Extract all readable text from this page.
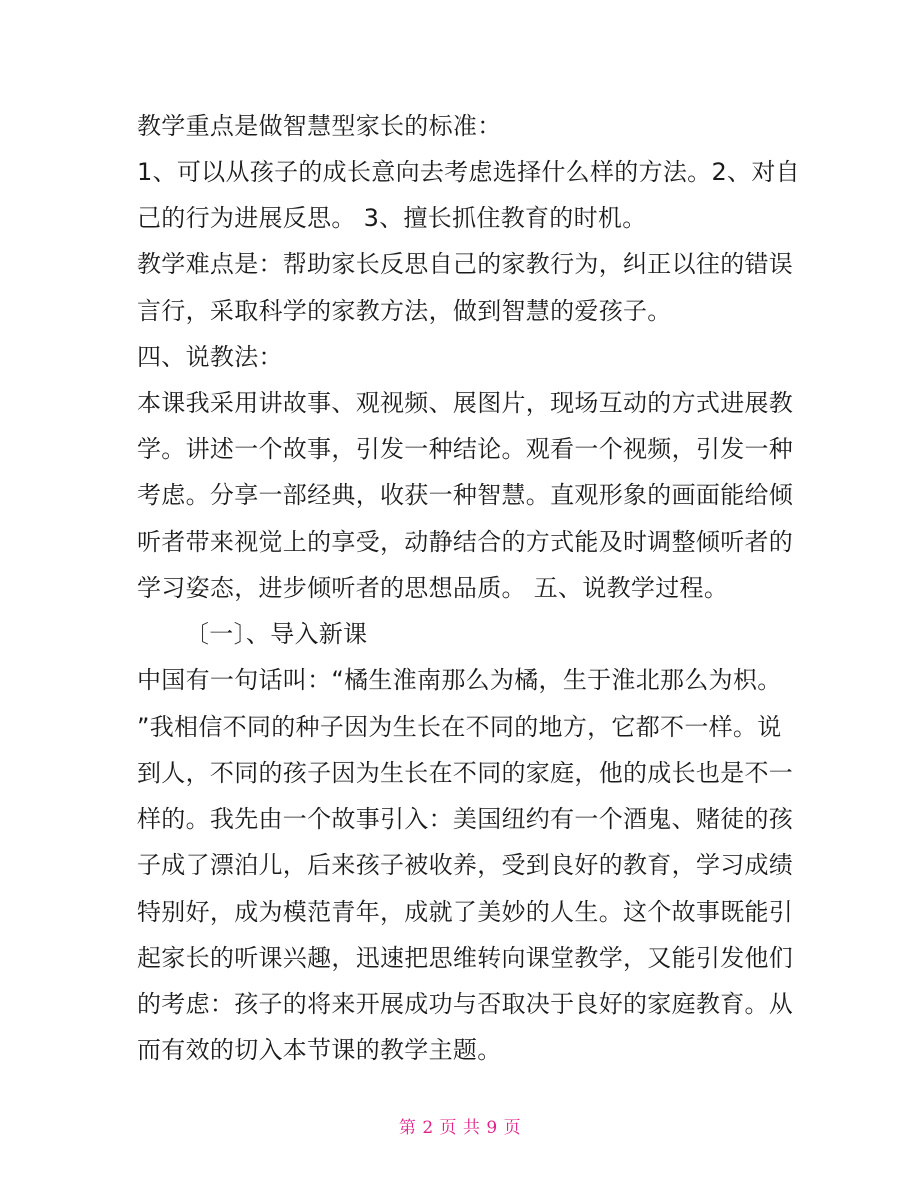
教学重点是做智慧型家长的标准：
1、可以从孩子的成长意向去考虑选择什么样的方法。2、对自
己的行为进展反思。 3、擅长抓住教育的时机。
教学难点是：帮助家长反思自己的家教行为，纠正以往的错误
言行，采取科学的家教方法，做到智慧的爱孩子。
四、说教法：
本课我采用讲故事、观视频、展图片，现场互动的方式进展教
学。讲述一个故事，引发一种结论。观看一个视频，引发一种
考虑。分享一部经典，收获一种智慧。直观形象的画面能给倾
听者带来视觉上的享受，动静结合的方式能及时调整倾听者的
学习姿态，进步倾听者的思想品质。 五、说教学过程。
〔一〕、导入新课
中国有一句话叫：“橘生淮南那么为橘，生于淮北那么为枳。
”我相信不同的种子因为生长在不同的地方，它都不一样。说
到人，不同的孩子因为生长在不同的家庭，他的成长也是不一
样的。我先由一个故事引入：美国纽约有一个酒鬼、赌徒的孩
子成了漂泊儿，后来孩子被收养，受到良好的教育，学习成绩
特别好，成为模范青年，成就了美妙的人生。这个故事既能引
起家长的听课兴趣，迅速把思维转向课堂教学，又能引发他们
的考虑：孩子的将来开展成功与否取决于良好的家庭教育。从
而有效的切入本节课的教学主题。
第 2 页 共 9 页
